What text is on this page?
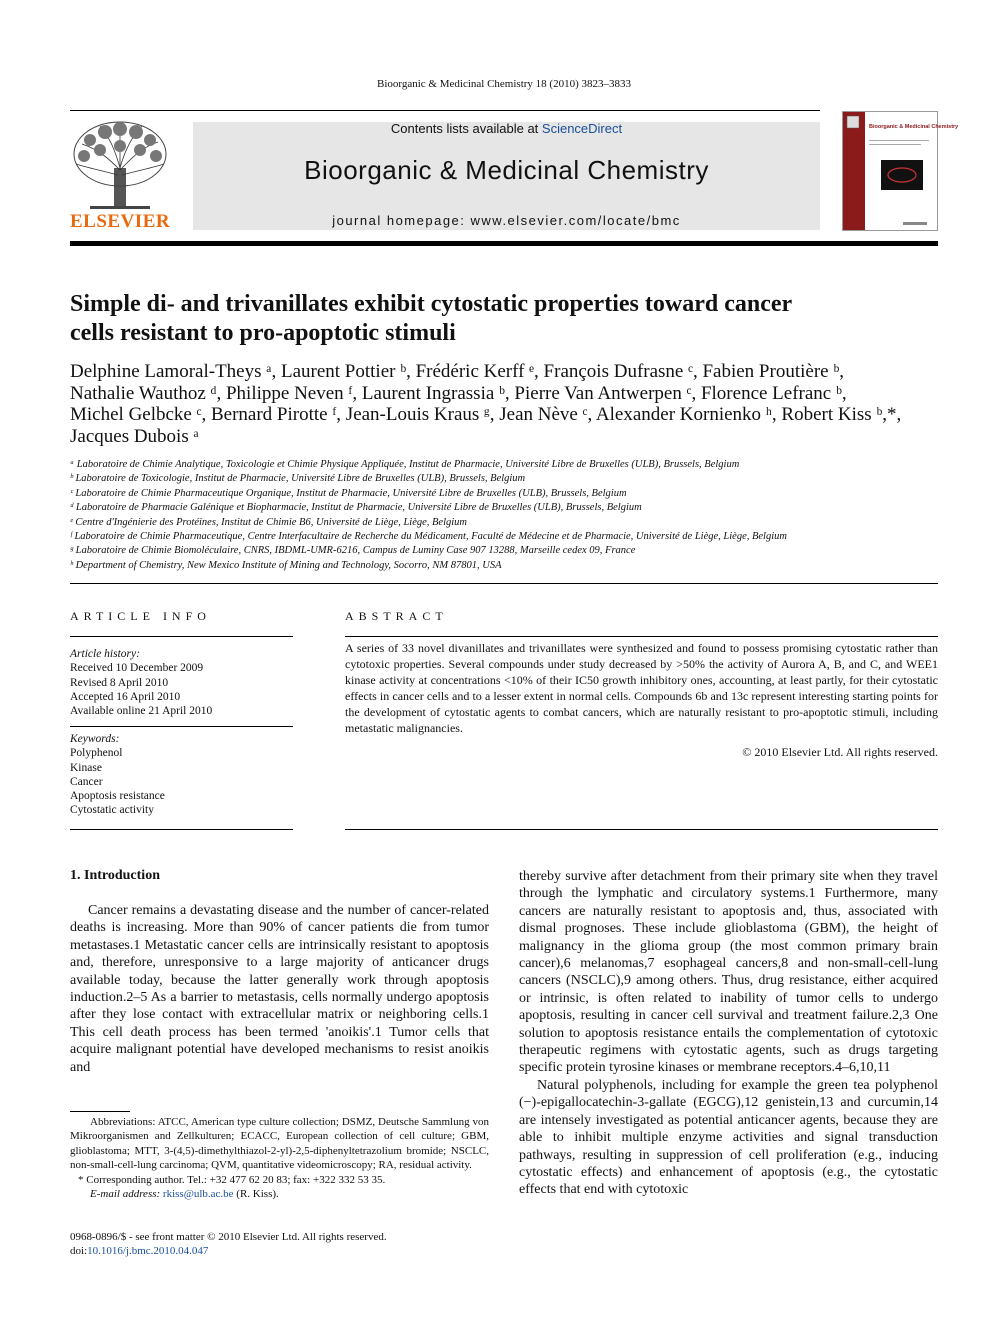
Bioorganic & Medicinal Chemistry 18 (2010) 3823–3833
ELSEVIER
Contents lists available at ScienceDirect
Bioorganic & Medicinal Chemistry
journal homepage: www.elsevier.com/locate/bmc
Bioorganic & Medicinal Chemistry
Simple di- and trivanillates exhibit cytostatic properties toward cancer
cells resistant to pro-apoptotic stimuli
Delphine Lamoral-Theys ᵃ, Laurent Pottier ᵇ, Frédéric Kerff ᵉ, François Dufrasne ᶜ, Fabien Proutière ᵇ,
Nathalie Wauthoz ᵈ, Philippe Neven ᶠ, Laurent Ingrassia ᵇ, Pierre Van Antwerpen ᶜ, Florence Lefranc ᵇ,
Michel Gelbcke ᶜ, Bernard Pirotte ᶠ, Jean-Louis Kraus ᵍ, Jean Nève ᶜ, Alexander Kornienko ʰ, Robert Kiss ᵇ,*,
Jacques Dubois ᵃ
ᵃ Laboratoire de Chimie Analytique, Toxicologie et Chimie Physique Appliquée, Institut de Pharmacie, Université Libre de Bruxelles (ULB), Brussels, Belgium
ᵇ Laboratoire de Toxicologie, Institut de Pharmacie, Université Libre de Bruxelles (ULB), Brussels, Belgium
ᶜ Laboratoire de Chimie Pharmaceutique Organique, Institut de Pharmacie, Université Libre de Bruxelles (ULB), Brussels, Belgium
ᵈ Laboratoire de Pharmacie Galénique et Biopharmacie, Institut de Pharmacie, Université Libre de Bruxelles (ULB), Brussels, Belgium
ᵉ Centre d'Ingénierie des Protéines, Institut de Chimie B6, Université de Liège, Liège, Belgium
ᶠ Laboratoire de Chimie Pharmaceutique, Centre Interfacultaire de Recherche du Médicament, Faculté de Médecine et de Pharmacie, Université de Liège, Liège, Belgium
ᵍ Laboratoire de Chimie Biomoléculaire, CNRS, IBDML-UMR-6216, Campus de Luminy Case 907 13288, Marseille cedex 09, France
ʰ Department of Chemistry, New Mexico Institute of Mining and Technology, Socorro, NM 87801, USA
ARTICLE INFO
Article history:
Received 10 December 2009
Revised 8 April 2010
Accepted 16 April 2010
Available online 21 April 2010
Keywords:
Polyphenol
Kinase
Cancer
Apoptosis resistance
Cytostatic activity
ABSTRACT
A series of 33 novel divanillates and trivanillates were synthesized and found to possess promising cytostatic rather than cytotoxic properties. Several compounds under study decreased by >50% the activity of Aurora A, B, and C, and WEE1 kinase activity at concentrations <10% of their IC50 growth inhibitory ones, accounting, at least partly, for their cytostatic effects in cancer cells and to a lesser extent in normal cells. Compounds 6b and 13c represent interesting starting points for the development of cytostatic agents to combat cancers, which are naturally resistant to pro-apoptotic stimuli, including metastatic malignancies.
© 2010 Elsevier Ltd. All rights reserved.
1. Introduction

Cancer remains a devastating disease and the number of cancer-related deaths is increasing. More than 90% of cancer patients die from tumor metastases.1 Metastatic cancer cells are intrinsically resistant to apoptosis and, therefore, unresponsive to a large majority of anticancer drugs available today, because the latter generally work through apoptosis induction.2–5 As a barrier to metastasis, cells normally undergo apoptosis after they lose contact with extracellular matrix or neighboring cells.1 This cell death process has been termed 'anoikis'.1 Tumor cells that acquire malignant potential have developed mechanisms to resist anoikis and

thereby survive after detachment from their primary site when they travel through the lymphatic and circulatory systems.1 Furthermore, many cancers are naturally resistant to apoptosis and, thus, associated with dismal prognoses. These include glioblastoma (GBM), the height of malignancy in the glioma group (the most common primary brain cancer),6 melanomas,7 esophageal cancers,8 and non-small-cell-lung cancers (NSCLC),9 among others. Thus, drug resistance, either acquired or intrinsic, is often related to inability of tumor cells to undergo apoptosis, resulting in cancer cell survival and treatment failure.2,3 One solution to apoptosis resistance entails the complementation of cytotoxic therapeutic regimens with cytostatic agents, such as drugs targeting specific protein tyrosine kinases or membrane receptors.4–6,10,11

Natural polyphenols, including for example the green tea polyphenol (−)-epigallocatechin-3-gallate (EGCG),12 genistein,13 and curcumin,14 are intensely investigated as potential anticancer agents, because they are able to inhibit multiple enzyme activities and signal transduction pathways, resulting in suppression of cell proliferation (e.g., inducing cytostatic effects) and enhancement of apoptosis (e.g., the cytostatic effects that end with cytotoxic

Abbreviations: ATCC, American type culture collection; DSMZ, Deutsche Sammlung von Mikroorganismen and Zellkulturen; ECACC, European collection of cell culture; GBM, glioblastoma; MTT, 3-(4,5)-dimethylthiazol-2-yl)-2,5-diphenyltetrazolium bromide; NSCLC, non-small-cell-lung carcinoma; QVM, quantitative videomicroscopy; RA, residual activity.
* Corresponding author. Tel.: +32 477 62 20 83; fax: +322 332 53 35.
E-mail address: rkiss@ulb.ac.be (R. Kiss).
0968-0896/$ - see front matter © 2010 Elsevier Ltd. All rights reserved.
doi:10.1016/j.bmc.2010.04.047
